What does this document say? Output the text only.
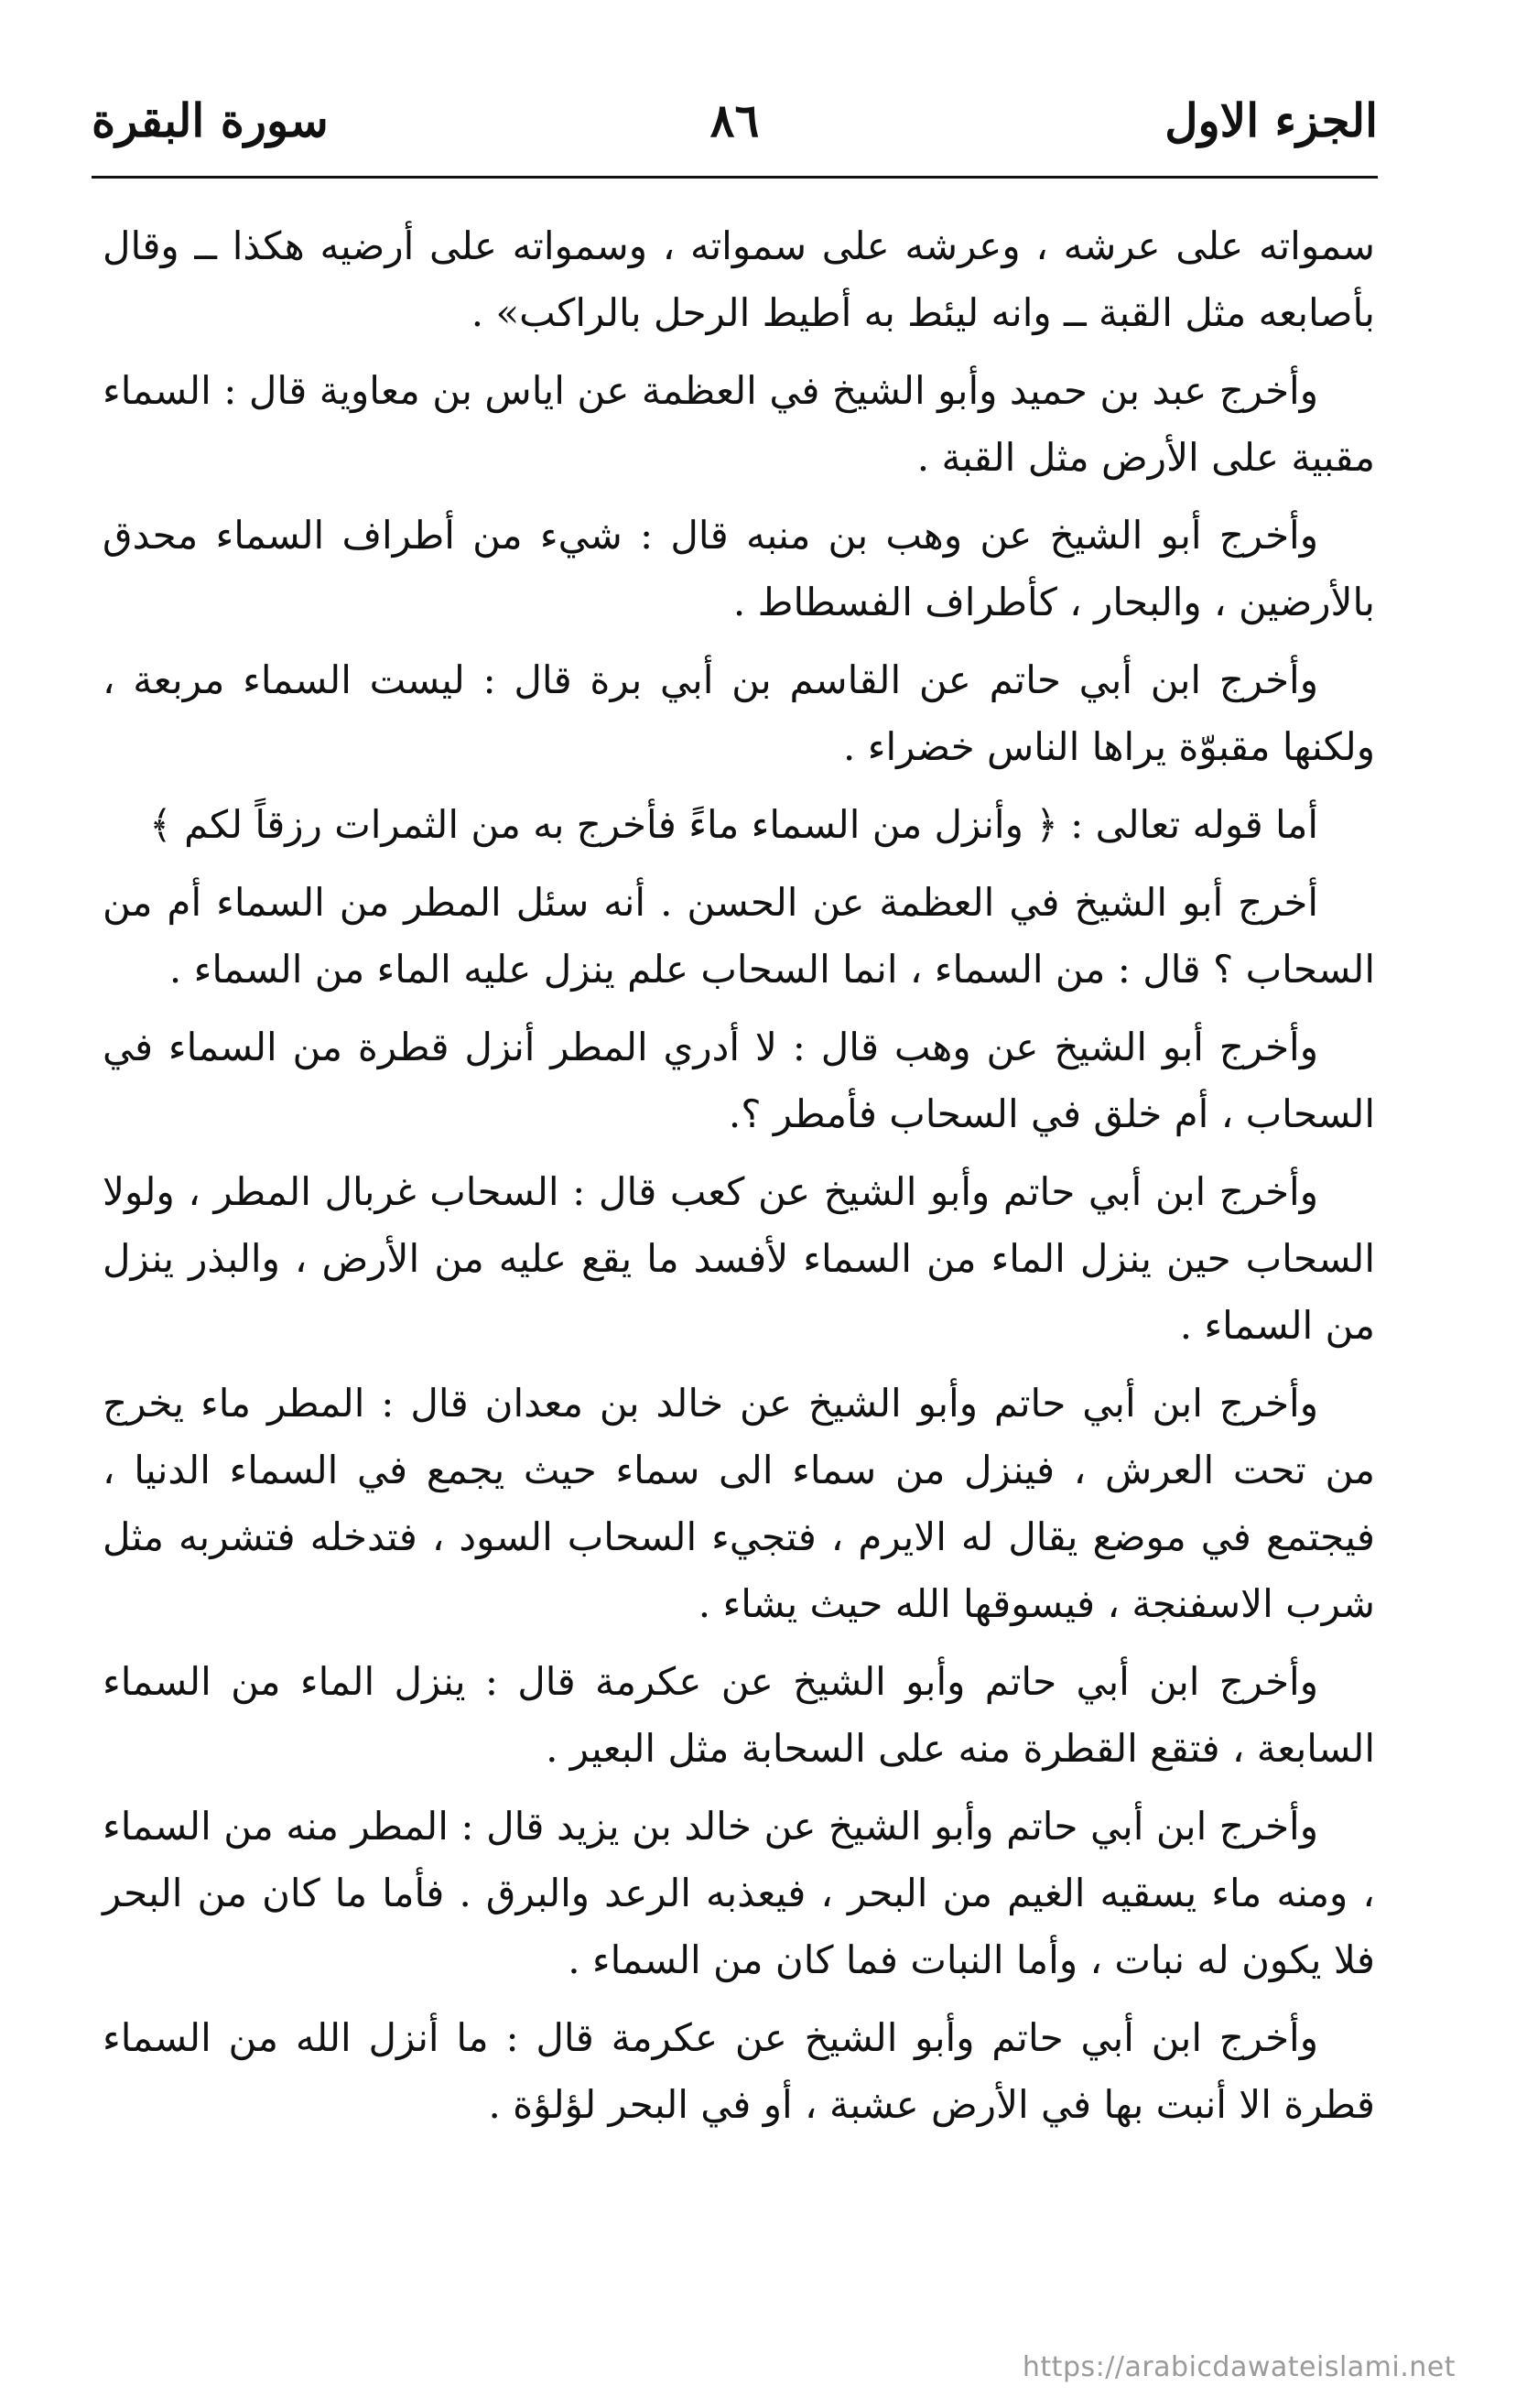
الجزء الاول
٨٦
سورة البقرة

سمواته على عرشه ، وعرشه على سمواته ، وسمواته على أرضيه هكذا ــ وقال بأصابعه مثل القبة ــ وانه ليئط به أطيط الرحل بالراكب» .

وأخرج عبد بن حميد وأبو الشيخ في العظمة عن اياس بن معاوية قال : السماء مقبية على الأرض مثل القبة .

وأخرج أبو الشيخ عن وهب بن منبه قال : شيء من أطراف السماء محدق بالأرضين ، والبحار ، كأطراف الفسطاط .

وأخرج ابن أبي حاتم عن القاسم بن أبي برة قال : ليست السماء مربعة ، ولكنها مقبوّة يراها الناس خضراء .

أما قوله تعالى : ﴿ وأنزل من السماء ماءً فأخرج به من الثمرات رزقاً لكم ﴾

أخرج أبو الشيخ في العظمة عن الحسن . أنه سئل المطر من السماء أم من السحاب ؟ قال : من السماء ، انما السحاب علم ينزل عليه الماء من السماء .

وأخرج أبو الشيخ عن وهب قال : لا أدري المطر أنزل قطرة من السماء في السحاب ، أم خلق في السحاب فأمطر ؟.

وأخرج ابن أبي حاتم وأبو الشيخ عن كعب قال : السحاب غربال المطر ، ولولا السحاب حين ينزل الماء من السماء لأفسد ما يقع عليه من الأرض ، والبذر ينزل من السماء .

وأخرج ابن أبي حاتم وأبو الشيخ عن خالد بن معدان قال : المطر ماء يخرج من تحت العرش ، فينزل من سماء الى سماء حيث يجمع في السماء الدنيا ، فيجتمع في موضع يقال له الايرم ، فتجيء السحاب السود ، فتدخله فتشربه مثل شرب الاسفنجة ، فيسوقها الله حيث يشاء .

وأخرج ابن أبي حاتم وأبو الشيخ عن عكرمة قال : ينزل الماء من السماء السابعة ، فتقع القطرة منه على السحابة مثل البعير .

وأخرج ابن أبي حاتم وأبو الشيخ عن خالد بن يزيد قال : المطر منه من السماء ، ومنه ماء يسقيه الغيم من البحر ، فيعذبه الرعد والبرق . فأما ما كان من البحر فلا يكون له نبات ، وأما النبات فما كان من السماء .

وأخرج ابن أبي حاتم وأبو الشيخ عن عكرمة قال : ما أنزل الله من السماء قطرة الا أنبت بها في الأرض عشبة ، أو في البحر لؤلؤة .

https://arabicdawateislami.net
